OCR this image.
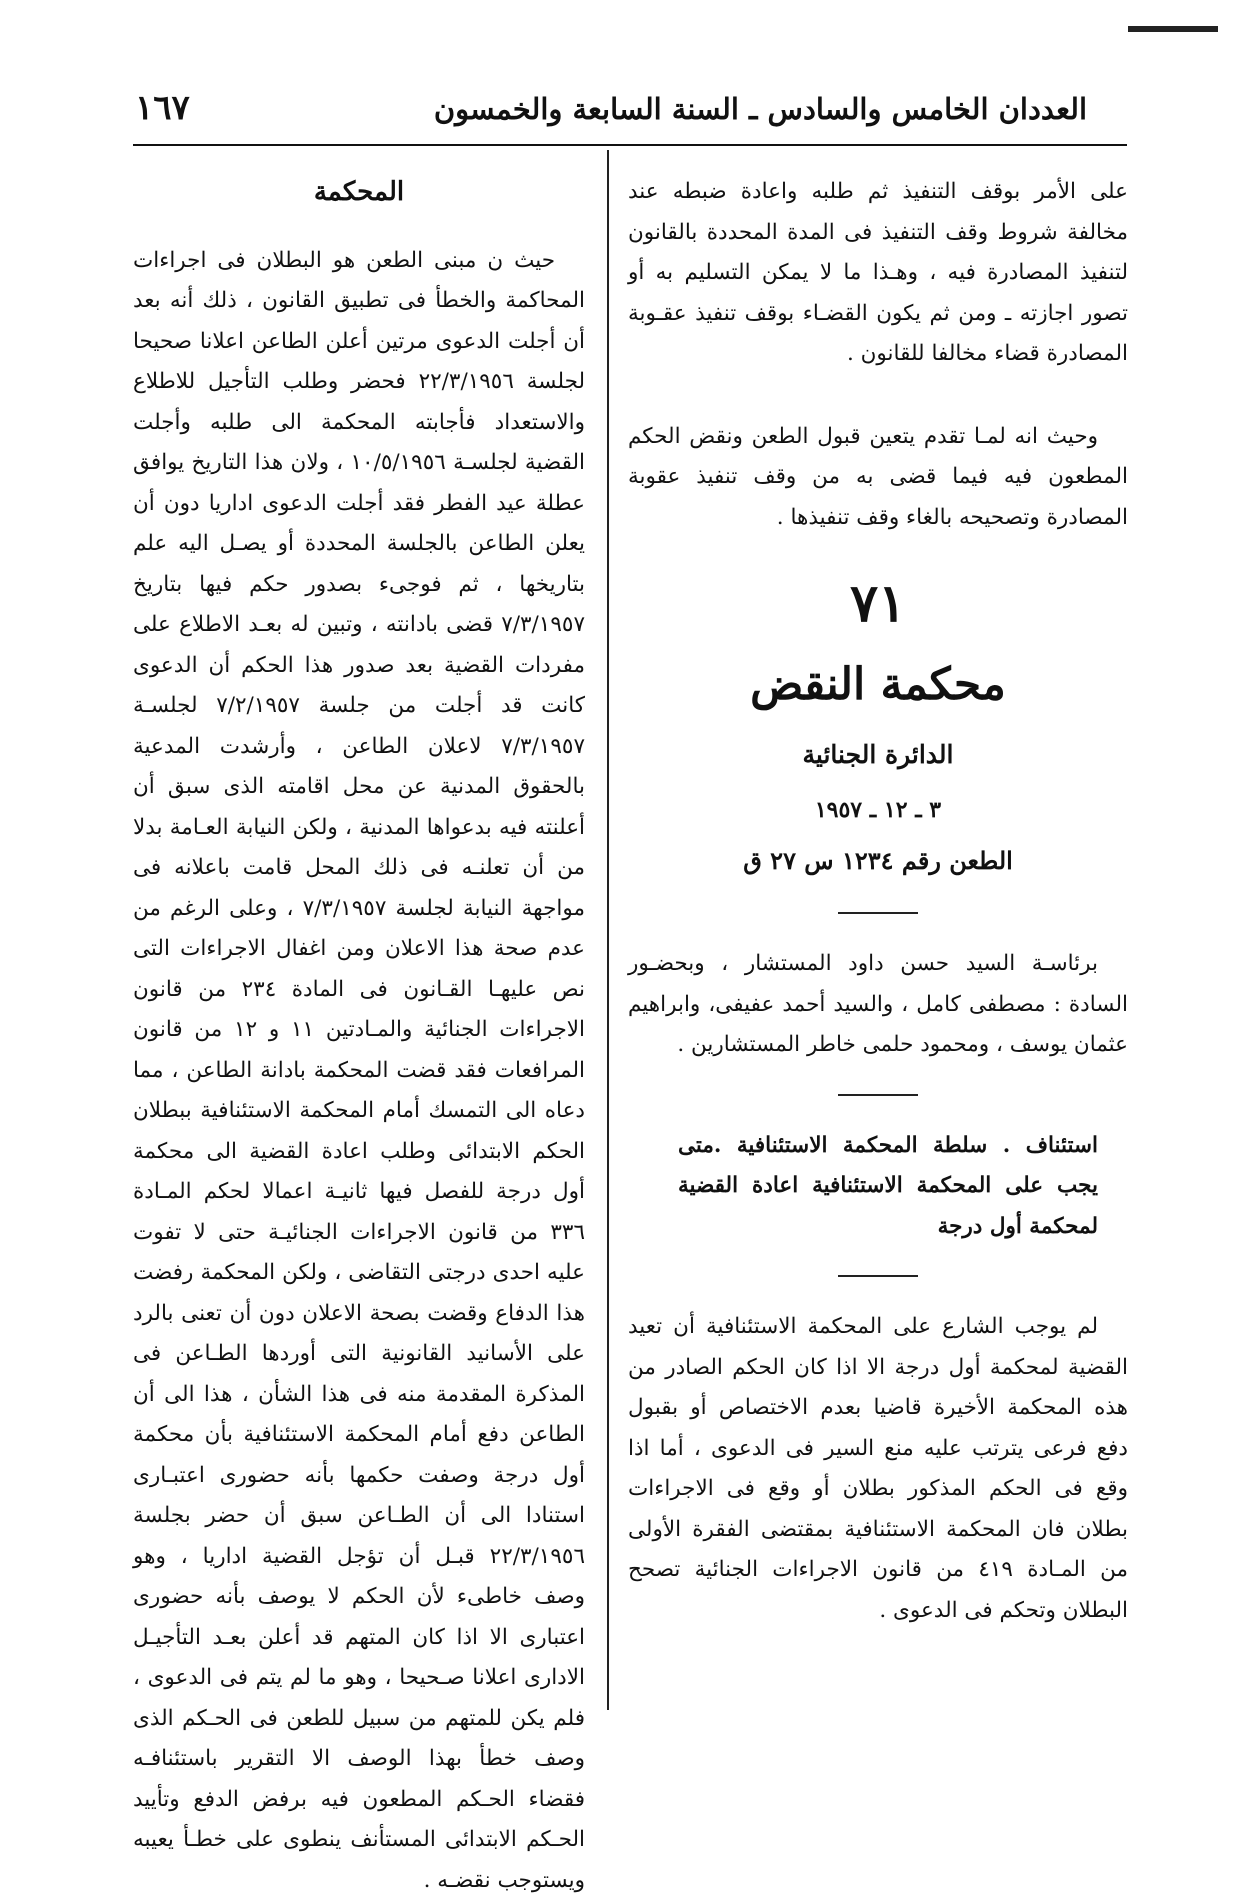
العددان الخامس والسادس ـ السنة السابعة والخمسون
١٦٧

على الأمر بوقف التنفيذ ثم طلبه واعادة ضبطه عند مخالفة شروط وقف التنفيذ فى المدة المحددة بالقانون لتنفيذ المصادرة فيه ، وهـذا ما لا يمكن التسليم به أو تصور اجازته ـ ومن ثم يكون القضـاء بوقف تنفيذ عقـوبة المصادرة قضاء مخالفا للقانون .

وحيث انه لمـا تقدم يتعين قبول الطعن ونقض الحكم المطعون فيه فيما قضى به من وقف تنفيذ عقوبة المصادرة وتصحيحه بالغاء وقف تنفيذها .

٧١
محكمة النقض
الدائرة الجنائية
٣ ـ ١٢ ـ ١٩٥٧
الطعن رقم ١٢٣٤ س ٢٧ ق

برئاسـة السيد حسن داود المستشار ، وبحضـور السادة : مصطفى كامل ، والسيد أحمد عفيفى، وابراهيم عثمان يوسف ، ومحمود حلمى خاطر المستشارين .

استئناف . سلطة المحكمة الاستئنافية .متى يجب على المحكمة الاستئنافية اعادة القضية لمحكمة أول درجة

لم يوجب الشارع على المحكمة الاستئنافية أن تعيد القضية لمحكمة أول درجة الا اذا كان الحكم الصادر من هذه المحكمة الأخيرة قاضيا بعدم الاختصاص أو بقبول دفع فرعى يترتب عليه منع السير فى الدعوى ، أما اذا وقع فى الحكم المذكور بطلان أو وقع فى الاجراءات بطلان فان المحكمة الاستئنافية بمقتضى الفقرة الأولى من المـادة ٤١٩ من قانون الاجراءات الجنائية تصحح البطلان وتحكم فى الدعوى .

المحكمة

حيث ن مبنى الطعن هو البطلان فى اجراءات المحاكمة والخطأ فى تطبيق القانون ، ذلك أنه بعد أن أجلت الدعوى مرتين أعلن الطاعن اعلانا صحيحا لجلسة ٢٢/٣/١٩٥٦ فحضر وطلب التأجيل للاطلاع والاستعداد فأجابته المحكمة الى طلبه وأجلت القضية لجلسـة ١٠/٥/١٩٥٦ ، ولان هذا التاريخ يوافق عطلة عيد الفطر فقد أجلت الدعوى اداريا دون أن يعلن الطاعن بالجلسة المحددة أو يصـل اليه علم بتاريخها ، ثم فوجىء بصدور حكم فيها بتاريخ ٧/٣/١٩٥٧ قضى بادانته ، وتبين له بعـد الاطلاع على مفردات القضية بعد صدور هذا الحكم أن الدعوى كانت قد أجلت من جلسة ٧/٢/١٩٥٧ لجلسـة ٧/٣/١٩٥٧ لاعلان الطاعن ، وأرشدت المدعية بالحقوق المدنية عن محل اقامته الذى سبق أن أعلنته فيه بدعواها المدنية ، ولكن النيابة العـامة بدلا من أن تعلنـه فى ذلك المحل قامت باعلانه فى مواجهة النيابة لجلسة ٧/٣/١٩٥٧ ، وعلى الرغم من عدم صحة هذا الاعلان ومن اغفال الاجراءات التى نص عليهـا القـانون فى المادة ٢٣٤ من قانون الاجراءات الجنائية والمـادتين ١١ و ١٢ من قانون المرافعات فقد قضت المحكمة بادانة الطاعن ، مما دعاه الى التمسك أمام المحكمة الاستئنافية ببطلان الحكم الابتدائى وطلب اعادة القضية الى محكمة أول درجة للفصل فيها ثانيـة اعمالا لحكم المـادة ٣٣٦ من قانون الاجراءات الجنائيـة حتى لا تفوت عليه احدى درجتى التقاضى ، ولكن المحكمة رفضت هذا الدفاع وقضت بصحة الاعلان دون أن تعنى بالرد على الأسانيد القانونية التى أوردها الطـاعن فى المذكرة المقدمة منه فى هذا الشأن ، هذا الى أن الطاعن دفع أمام المحكمة الاستئنافية بأن محكمة أول درجة وصفت حكمها بأنه حضورى اعتبـارى استنادا الى أن الطـاعن سبق أن حضر بجلسة ٢٢/٣/١٩٥٦ قبـل أن تؤجل القضية اداريا ، وهو وصف خاطىء لأن الحكم لا يوصف بأنه حضورى اعتبارى الا اذا كان المتهم قد أعلن بعـد التأجيـل الادارى اعلانا صـحيحا ، وهو ما لم يتم فى الدعوى ، فلم يكن للمتهم من سبيل للطعن فى الحـكم الذى وصف خطأ بهذا الوصف الا التقرير باستئنافـه فقضاء الحـكم المطعون فيه برفض الدفع وتأييد الحـكم الابتدائى المستأنف ينطوى على خطـأ يعيبه ويستوجب نقضـه .
